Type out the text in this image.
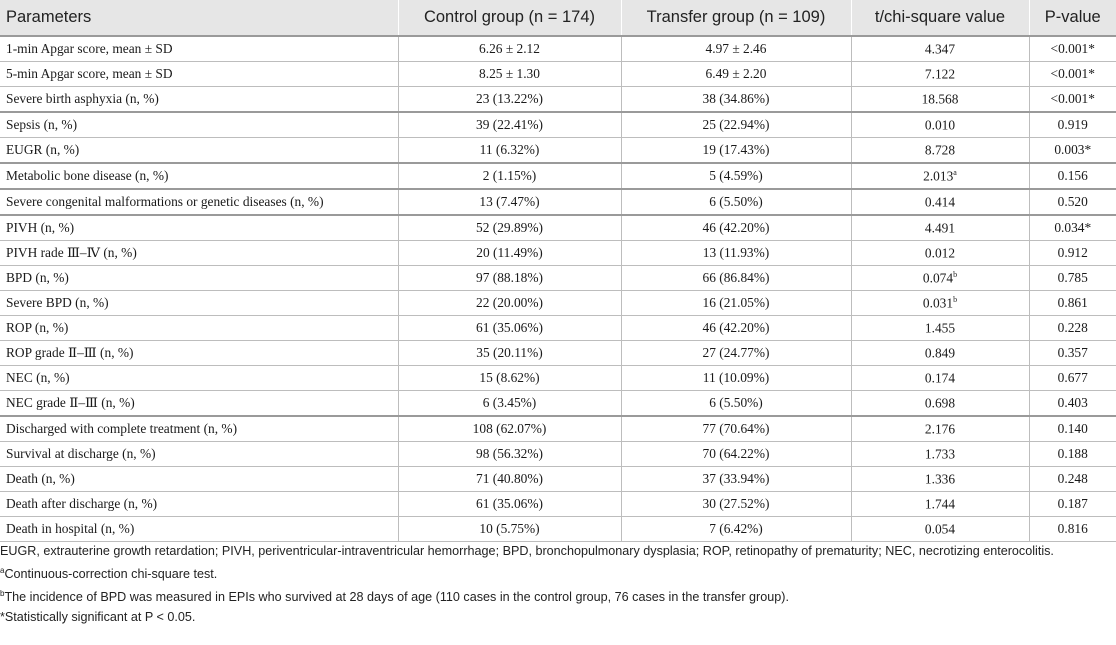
Parameters	Control group (n = 174)	Transfer group (n = 109)	t/chi-square value	P-value
1-min Apgar score, mean ± SD	6.26 ± 2.12	4.97 ± 2.46	4.347	<0.001*
5-min Apgar score, mean ± SD	8.25 ± 1.30	6.49 ± 2.20	7.122	<0.001*
Severe birth asphyxia (n, %)	23 (13.22%)	38 (34.86%)	18.568	<0.001*
Sepsis (n, %)	39 (22.41%)	25 (22.94%)	0.010	0.919
EUGR (n, %)	11 (6.32%)	19 (17.43%)	8.728	0.003*
Metabolic bone disease (n, %)	2 (1.15%)	5 (4.59%)	2.013$^a$	0.156
Severe congenital malformations or genetic diseases (n, %)	13 (7.47%)	6 (5.50%)	0.414	0.520
PIVH (n, %)	52 (29.89%)	46 (42.20%)	4.491	0.034*
PIVH rade Ⅲ–Ⅳ (n, %)	20 (11.49%)	13 (11.93%)	0.012	0.912
BPD (n, %)	97 (88.18%)	66 (86.84%)	0.074$^b$	0.785
Severe BPD (n, %)	22 (20.00%)	16 (21.05%)	0.031$^b$	0.861
ROP (n, %)	61 (35.06%)	46 (42.20%)	1.455	0.228
ROP grade Ⅱ–Ⅲ (n, %)	35 (20.11%)	27 (24.77%)	0.849	0.357
NEC (n, %)	15 (8.62%)	11 (10.09%)	0.174	0.677
NEC grade Ⅱ–Ⅲ (n, %)	6 (3.45%)	6 (5.50%)	0.698	0.403
Discharged with complete treatment (n, %)	108 (62.07%)	77 (70.64%)	2.176	0.140
Survival at discharge (n, %)	98 (56.32%)	70 (64.22%)	1.733	0.188
Death (n, %)	71 (40.80%)	37 (33.94%)	1.336	0.248
Death after discharge (n, %)	61 (35.06%)	30 (27.52%)	1.744	0.187
Death in hospital (n, %)	10 (5.75%)	7 (6.42%)	0.054	0.816

EUGR, extrauterine growth retardation; PIVH, periventricular-intraventricular hemorrhage; BPD, bronchopulmonary dysplasia; ROP, retinopathy of prematurity; NEC, necrotizing enterocolitis.

$^a$Continuous-correction chi-square test.

$^b$The incidence of BPD was measured in EPIs who survived at 28 days of age (110 cases in the control group, 76 cases in the transfer group).

*Statistically significant at P < 0.05.
